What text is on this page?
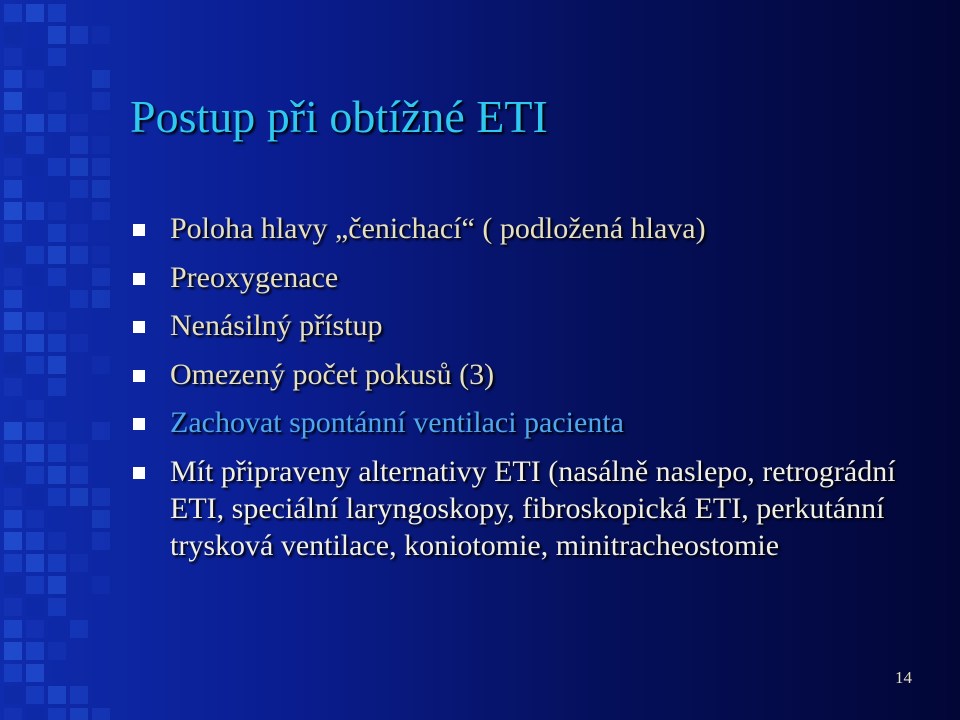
Postup při obtížné ETI
Poloha hlavy „čenichací“ ( podložená hlava)
Preoxygenace
Nenásilný přístup
Omezený počet pokusů (3)
Zachovat spontánní ventilaci pacienta
Mít připraveny alternativy ETI (nasálně naslepo, retrográdní ETI, speciální laryngoskopy, fibroskopická ETI, perkutánní trysková ventilace, koniotomie, minitracheostomie
14
